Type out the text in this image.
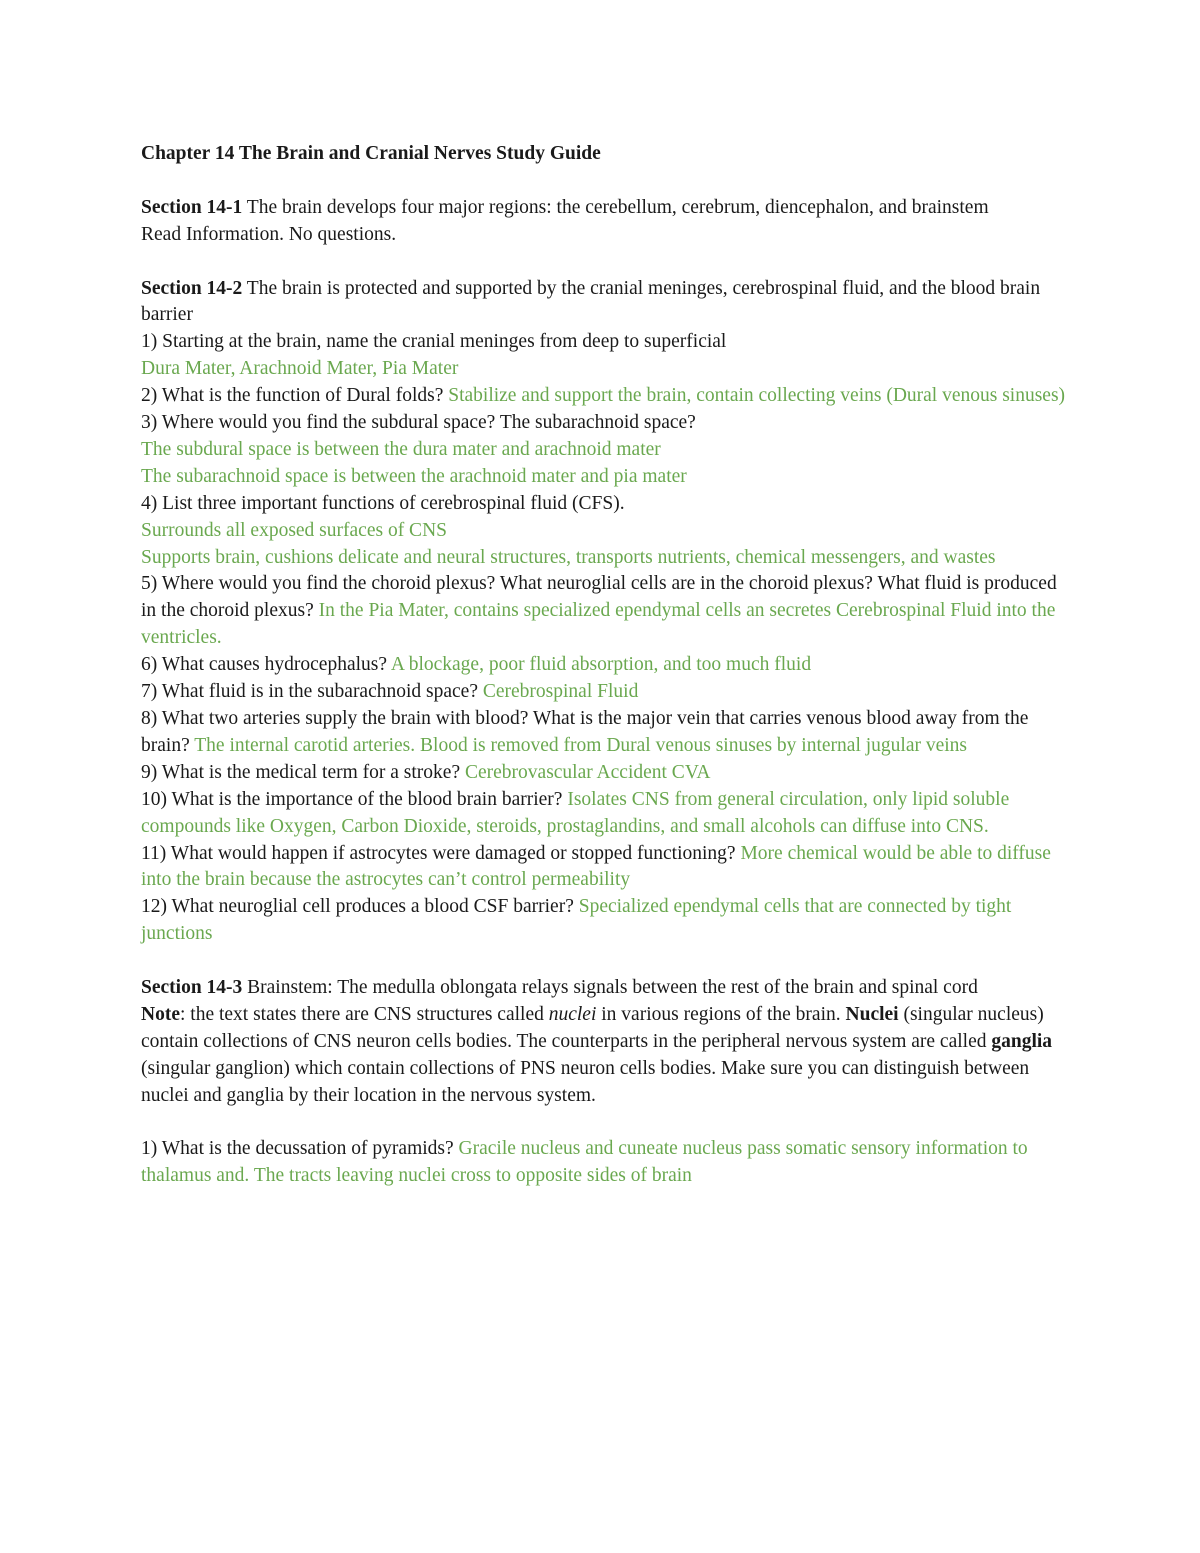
Chapter 14 The Brain and Cranial Nerves Study Guide

Section 14-1 The brain develops four major regions: the cerebellum, cerebrum, diencephalon, and brainstem

Read Information. No questions.

Section 14-2 The brain is protected and supported by the cranial meninges, cerebrospinal fluid, and the blood brain barrier

1) Starting at the brain, name the cranial meninges from deep to superficial

Dura Mater, Arachnoid Mater, Pia Mater

2) What is the function of Dural folds? Stabilize and support the brain, contain collecting veins (Dural venous sinuses)

3) Where would you find the subdural space? The subarachnoid space?

The subdural space is between the dura mater and arachnoid mater

The subarachnoid space is between the arachnoid mater and pia mater

4) List three important functions of cerebrospinal fluid (CFS).

Surrounds all exposed surfaces of CNS

Supports brain, cushions delicate and neural structures, transports nutrients, chemical messengers, and wastes

5) Where would you find the choroid plexus? What neuroglial cells are in the choroid plexus? What fluid is produced in the choroid plexus? In the Pia Mater, contains specialized ependymal cells an secretes Cerebrospinal Fluid into the ventricles.

6) What causes hydrocephalus? A blockage, poor fluid absorption, and too much fluid

7) What fluid is in the subarachnoid space? Cerebrospinal Fluid

8) What two arteries supply the brain with blood? What is the major vein that carries venous blood away from the brain? The internal carotid arteries. Blood is removed from Dural venous sinuses by internal jugular veins

9) What is the medical term for a stroke? Cerebrovascular Accident CVA

10) What is the importance of the blood brain barrier? Isolates CNS from general circulation, only lipid soluble compounds like Oxygen, Carbon Dioxide, steroids, prostaglandins, and small alcohols can diffuse into CNS.

11) What would happen if astrocytes were damaged or stopped functioning? More chemical would be able to diffuse into the brain because the astrocytes can’t control permeability

12) What neuroglial cell produces a blood CSF barrier? Specialized ependymal cells that are connected by tight junctions

Section 14-3 Brainstem: The medulla oblongata relays signals between the rest of the brain and spinal cord

Note: the text states there are CNS structures called nuclei in various regions of the brain. Nuclei (singular nucleus) contain collections of CNS neuron cells bodies. The counterparts in the peripheral nervous system are called ganglia (singular ganglion) which contain collections of PNS neuron cells bodies. Make sure you can distinguish between nuclei and ganglia by their location in the nervous system.

1) What is the decussation of pyramids? Gracile nucleus and cuneate nucleus pass somatic sensory information to thalamus and. The tracts leaving nuclei cross to opposite sides of brain
